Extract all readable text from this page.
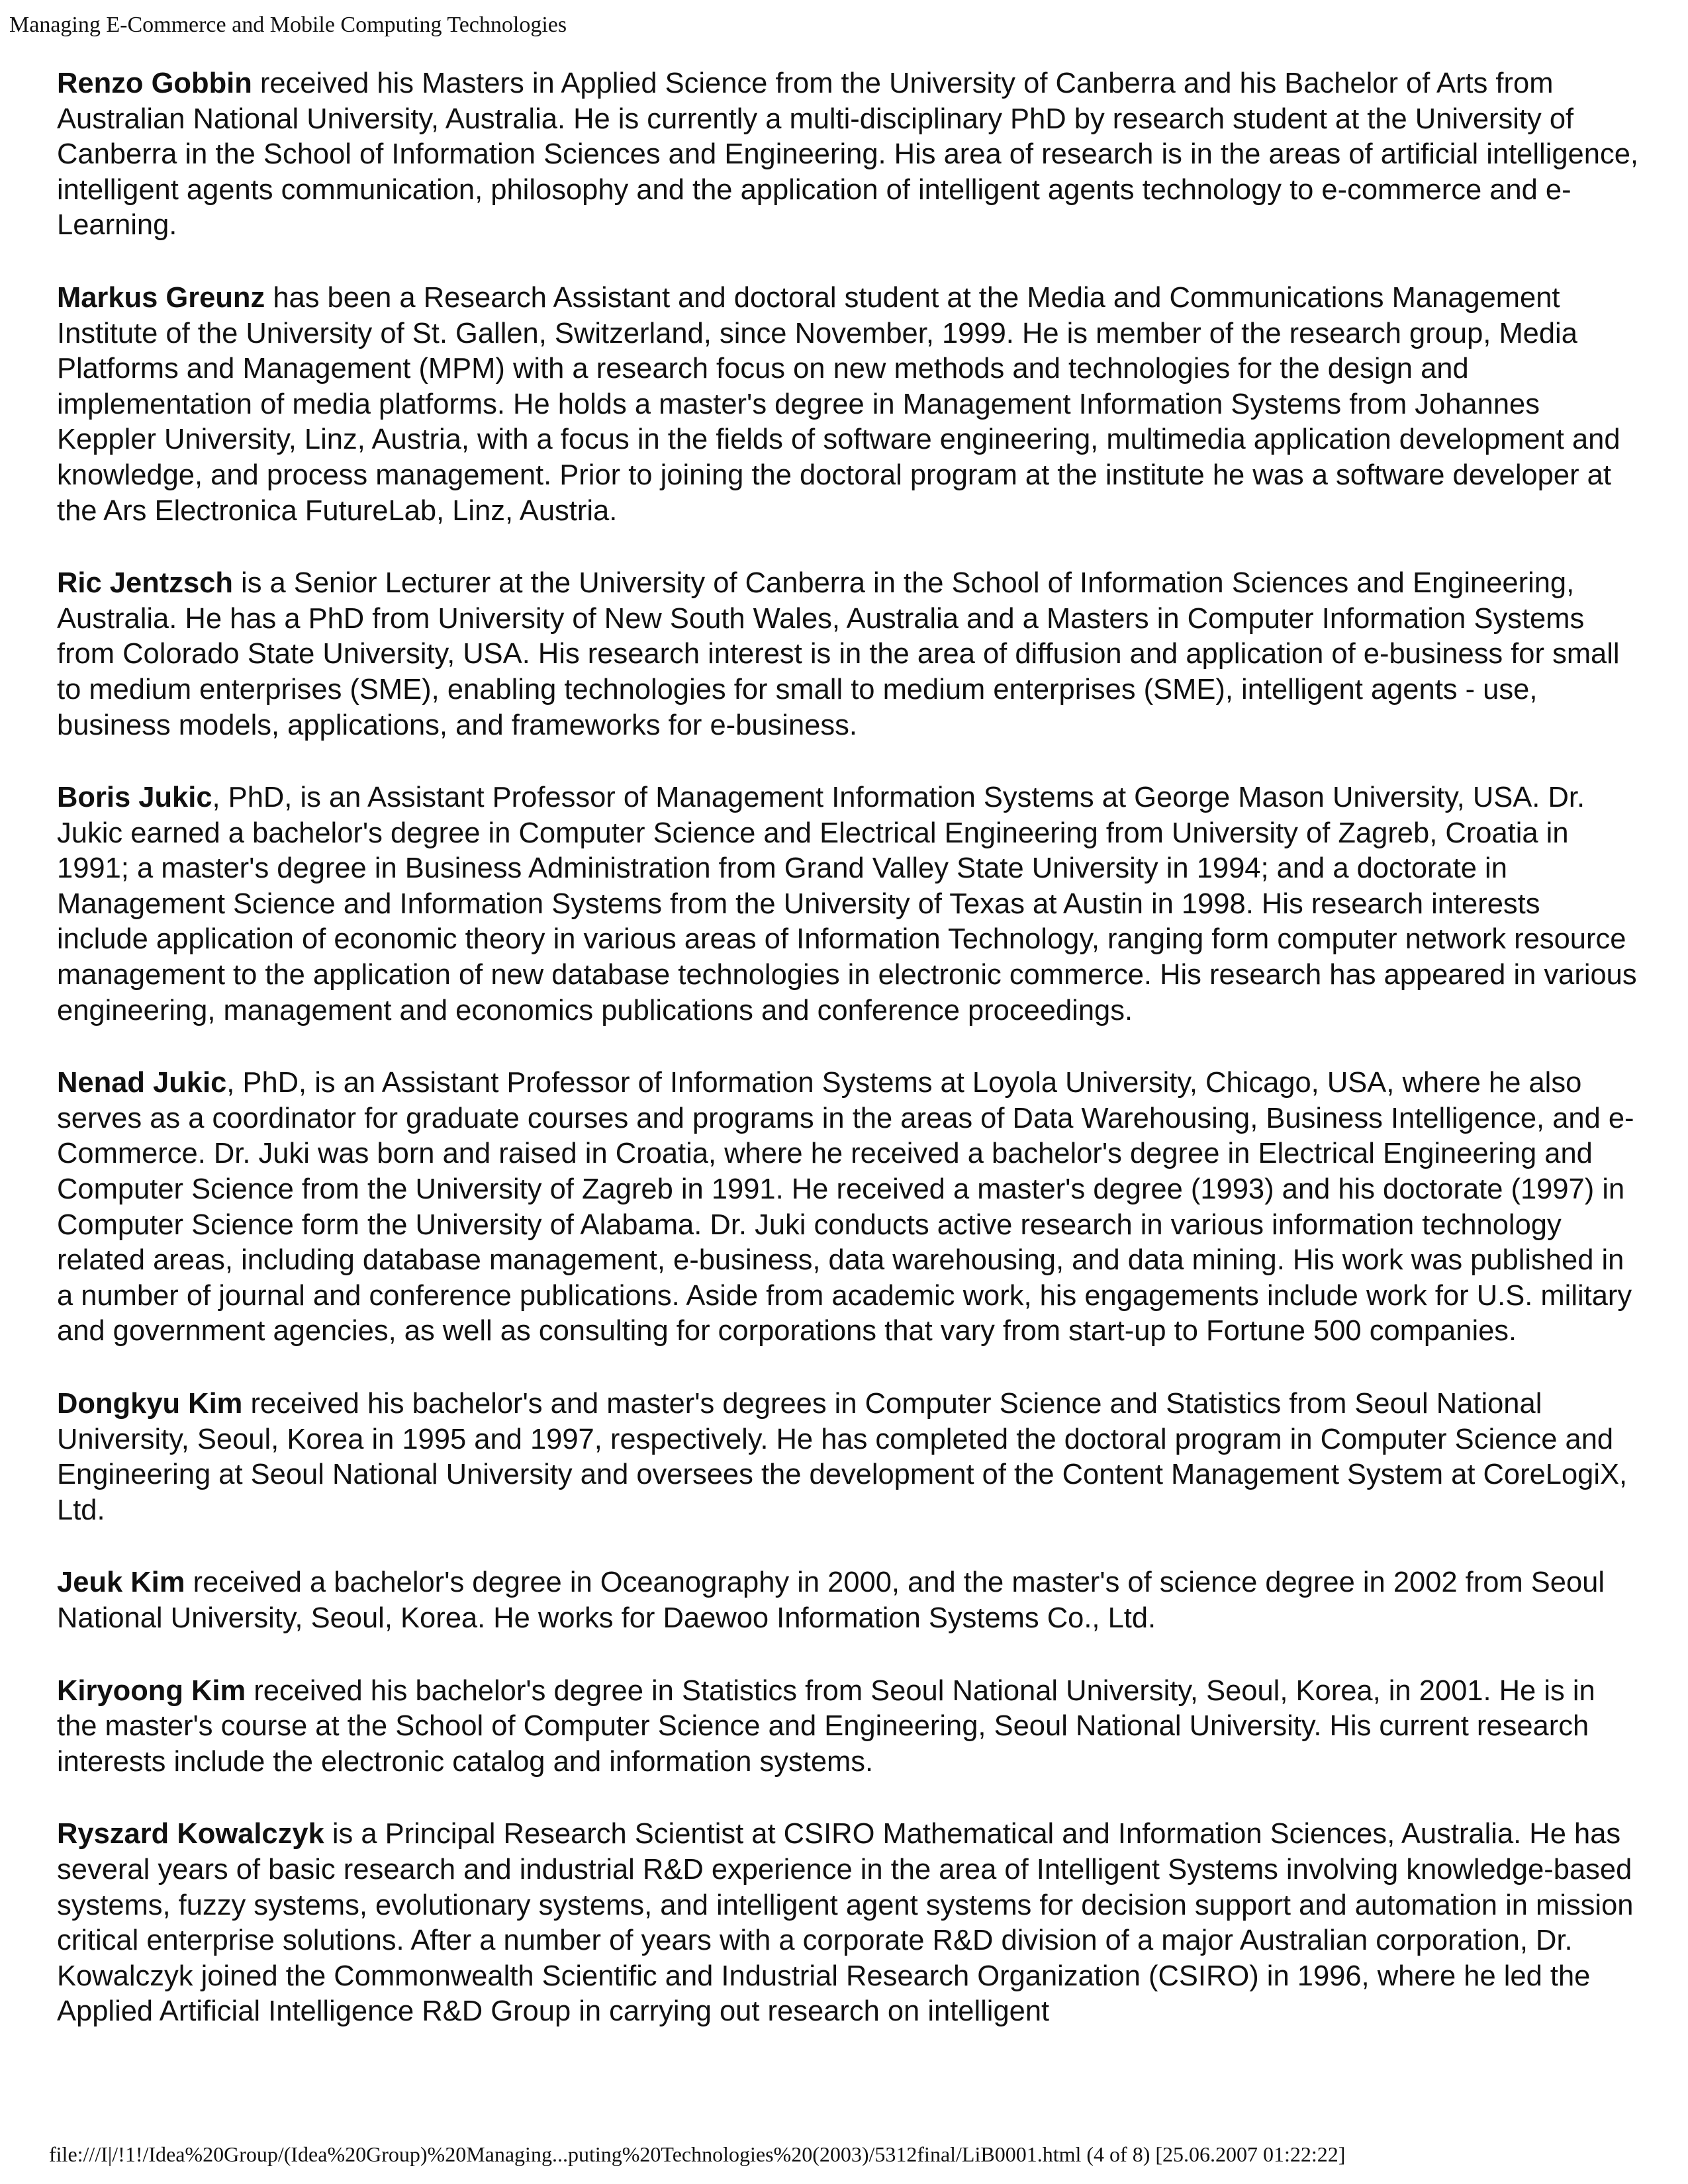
Managing E-Commerce and Mobile Computing Technologies

Renzo Gobbin received his Masters in Applied Science from the University of Canberra and his Bachelor of Arts from Australian National University, Australia. He is currently a multi-disciplinary PhD by research student at the University of Canberra in the School of Information Sciences and Engineering. His area of research is in the areas of artificial intelligence, intelligent agents communication, philosophy and the application of intelligent agents technology to e-commerce and e-Learning.

Markus Greunz has been a Research Assistant and doctoral student at the Media and Communications Management Institute of the University of St. Gallen, Switzerland, since November, 1999. He is member of the research group, Media Platforms and Management (MPM) with a research focus on new methods and technologies for the design and implementation of media platforms. He holds a master's degree in Management Information Systems from Johannes Keppler University, Linz, Austria, with a focus in the fields of software engineering, multimedia application development and knowledge, and process management. Prior to joining the doctoral program at the institute he was a software developer at the Ars Electronica FutureLab, Linz, Austria.

Ric Jentzsch is a Senior Lecturer at the University of Canberra in the School of Information Sciences and Engineering, Australia. He has a PhD from University of New South Wales, Australia and a Masters in Computer Information Systems from Colorado State University, USA. His research interest is in the area of diffusion and application of e-business for small to medium enterprises (SME), enabling technologies for small to medium enterprises (SME), intelligent agents - use, business models, applications, and frameworks for e-business.

Boris Jukic, PhD, is an Assistant Professor of Management Information Systems at George Mason University, USA. Dr. Jukic earned a bachelor's degree in Computer Science and Electrical Engineering from University of Zagreb, Croatia in 1991; a master's degree in Business Administration from Grand Valley State University in 1994; and a doctorate in Management Science and Information Systems from the University of Texas at Austin in 1998. His research interests include application of economic theory in various areas of Information Technology, ranging form computer network resource management to the application of new database technologies in electronic commerce. His research has appeared in various engineering, management and economics publications and conference proceedings.

Nenad Jukic, PhD, is an Assistant Professor of Information Systems at Loyola University, Chicago, USA, where he also serves as a coordinator for graduate courses and programs in the areas of Data Warehousing, Business Intelligence, and e-Commerce. Dr. Juki was born and raised in Croatia, where he received a bachelor's degree in Electrical Engineering and Computer Science from the University of Zagreb in 1991. He received a master's degree (1993) and his doctorate (1997) in Computer Science form the University of Alabama. Dr. Juki conducts active research in various information technology related areas, including database management, e-business, data warehousing, and data mining. His work was published in a number of journal and conference publications. Aside from academic work, his engagements include work for U.S. military and government agencies, as well as consulting for corporations that vary from start-up to Fortune 500 companies.

Dongkyu Kim received his bachelor's and master's degrees in Computer Science and Statistics from Seoul National University, Seoul, Korea in 1995 and 1997, respectively. He has completed the doctoral program in Computer Science and Engineering at Seoul National University and oversees the development of the Content Management System at CoreLogiX, Ltd.

Jeuk Kim received a bachelor's degree in Oceanography in 2000, and the master's of science degree in 2002 from Seoul National University, Seoul, Korea. He works for Daewoo Information Systems Co., Ltd.

Kiryoong Kim received his bachelor's degree in Statistics from Seoul National University, Seoul, Korea, in 2001. He is in the master's course at the School of Computer Science and Engineering, Seoul National University. His current research interests include the electronic catalog and information systems.

Ryszard Kowalczyk is a Principal Research Scientist at CSIRO Mathematical and Information Sciences, Australia. He has several years of basic research and industrial R&D experience in the area of Intelligent Systems involving knowledge-based systems, fuzzy systems, evolutionary systems, and intelligent agent systems for decision support and automation in mission critical enterprise solutions. After a number of years with a corporate R&D division of a major Australian corporation, Dr. Kowalczyk joined the Commonwealth Scientific and Industrial Research Organization (CSIRO) in 1996, where he led the Applied Artificial Intelligence R&D Group in carrying out research on intelligent

file:///I|/!1!/Idea%20Group/(Idea%20Group)%20Managing...puting%20Technologies%20(2003)/5312final/LiB0001.html (4 of 8) [25.06.2007 01:22:22]
